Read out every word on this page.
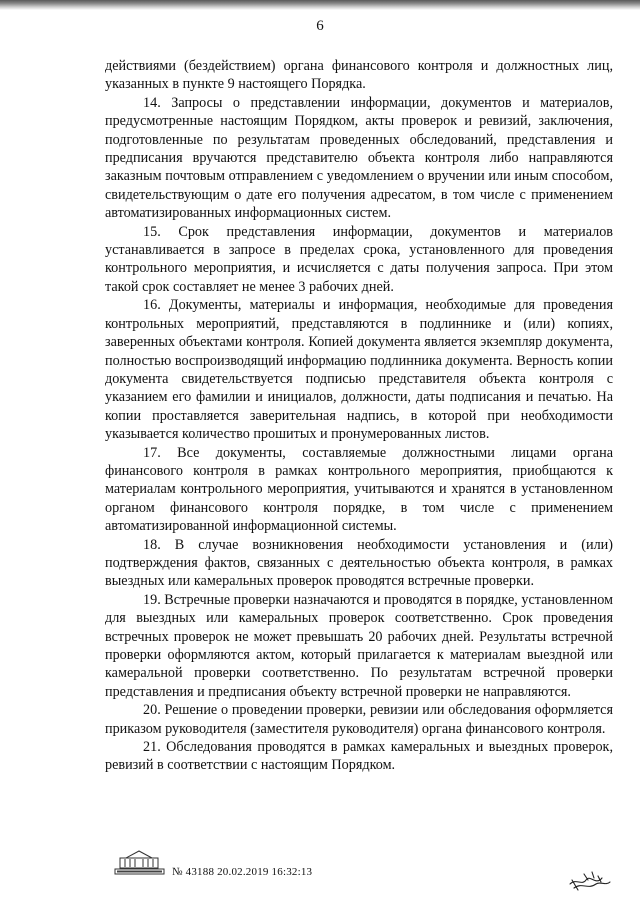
6

действиями (бездействием) органа финансового контроля и должностных лиц, указанных в пункте 9 настоящего Порядка.

14. Запросы о представлении информации, документов и материалов, предусмотренные настоящим Порядком, акты проверок и ревизий, заключения, подготовленные по результатам проведенных обследований, представления и предписания вручаются представителю объекта контроля либо направляются заказным почтовым отправлением с уведомлением о вручении или иным способом, свидетельствующим о дате его получения адресатом, в том числе с применением автоматизированных информационных систем.

15. Срок представления информации, документов и материалов устанавливается в запросе в пределах срока, установленного для проведения контрольного мероприятия, и исчисляется с даты получения запроса. При этом такой срок составляет не менее 3 рабочих дней.

16. Документы, материалы и информация, необходимые для проведения контрольных мероприятий, представляются в подлиннике и (или) копиях, заверенных объектами контроля. Копией документа является экземпляр документа, полностью воспроизводящий информацию подлинника документа. Верность копии документа свидетельствуется подписью представителя объекта контроля с указанием его фамилии и инициалов, должности, даты подписания и печатью. На копии проставляется заверительная надпись, в которой при необходимости указывается количество прошитых и пронумерованных листов.

17. Все документы, составляемые должностными лицами органа финансового контроля в рамках контрольного мероприятия, приобщаются к материалам контрольного мероприятия, учитываются и хранятся в установленном органом финансового контроля порядке, в том числе с применением автоматизированной информационной системы.

18. В случае возникновения необходимости установления и (или) подтверждения фактов, связанных с деятельностью объекта контроля, в рамках выездных или камеральных проверок проводятся встречные проверки.

19. Встречные проверки назначаются и проводятся в порядке, установленном для выездных или камеральных проверок соответственно. Срок проведения встречных проверок не может превышать 20 рабочих дней. Результаты встречной проверки оформляются актом, который прилагается к материалам выездной или камеральной проверки соответственно. По результатам встречной проверки представления и предписания объекту встречной проверки не направляются.

20. Решение о проведении проверки, ревизии или обследования оформляется приказом руководителя (заместителя руководителя) органа финансового контроля.

21. Обследования проводятся в рамках камеральных и выездных проверок, ревизий в соответствии с настоящим Порядком.

№ 43188 20.02.2019 16:32:13
